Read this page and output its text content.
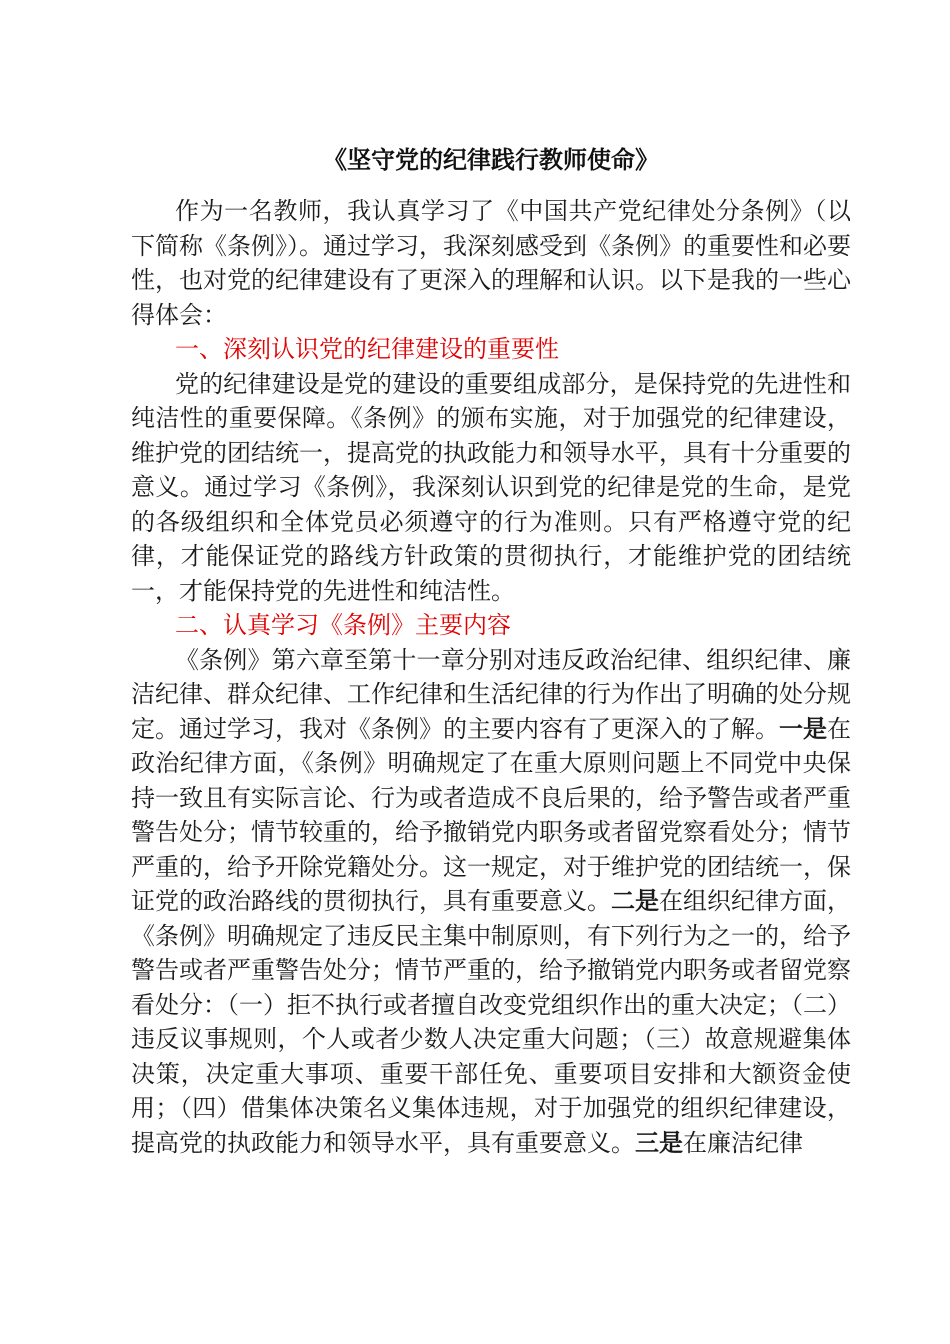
《坚守党的纪律践行教师使命》

作为一名教师，我认真学习了《中国共产党纪律处分条例》（以下简称《条例》）。通过学习，我深刻感受到《条例》的重要性和必要性，也对党的纪律建设有了更深入的理解和认识。以下是我的一些心得体会：

一、深刻认识党的纪律建设的重要性

党的纪律建设是党的建设的重要组成部分，是保持党的先进性和纯洁性的重要保障。《条例》的颁布实施，对于加强党的纪律建设，维护党的团结统一，提高党的执政能力和领导水平，具有十分重要的意义。通过学习《条例》，我深刻认识到党的纪律是党的生命，是党的各级组织和全体党员必须遵守的行为准则。只有严格遵守党的纪律，才能保证党的路线方针政策的贯彻执行，才能维护党的团结统一，才能保持党的先进性和纯洁性。

二、认真学习《条例》主要内容

《条例》第六章至第十一章分别对违反政治纪律、组织纪律、廉洁纪律、群众纪律、工作纪律和生活纪律的行为作出了明确的处分规定。通过学习，我对《条例》的主要内容有了更深入的了解。一是在政治纪律方面，《条例》明确规定了在重大原则问题上不同党中央保持一致且有实际言论、行为或者造成不良后果的，给予警告或者严重警告处分；情节较重的，给予撤销党内职务或者留党察看处分；情节严重的，给予开除党籍处分。这一规定，对于维护党的团结统一，保证党的政治路线的贯彻执行，具有重要意义。二是在组织纪律方面，《条例》明确规定了违反民主集中制原则，有下列行为之一的，给予警告或者严重警告处分；情节严重的，给予撤销党内职务或者留党察看处分：（一）拒不执行或者擅自改变党组织作出的重大决定；（二）违反议事规则，个人或者少数人决定重大问题；（三）故意规避集体决策，决定重大事项、重要干部任免、重要项目安排和大额资金使用；（四）借集体决策名义集体违规，对于加强党的组织纪律建设，提高党的执政能力和领导水平，具有重要意义。三是在廉洁纪律
